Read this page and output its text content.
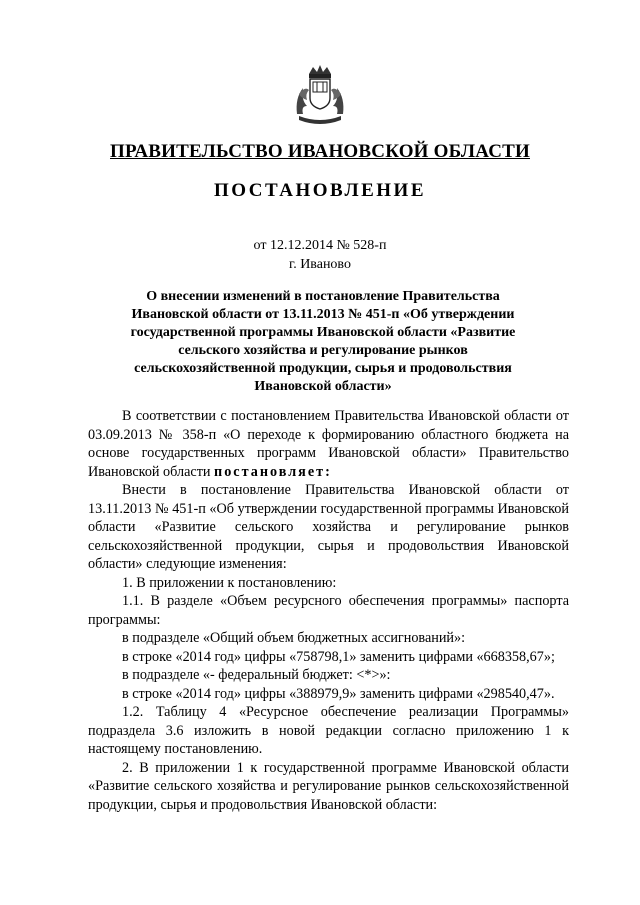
ПРАВИТЕЛЬСТВО ИВАНОВСКОЙ ОБЛАСТИ
ПОСТАНОВЛЕНИЕ
от 12.12.2014 № 528-п
г. Иваново
О внесении изменений в постановление Правительства Ивановской области от 13.11.2013 № 451-п «Об утверждении государственной программы Ивановской области «Развитие сельского хозяйства и регулирование рынков сельскохозяйственной продукции, сырья и продовольствия Ивановской области»

В соответствии с постановлением Правительства Ивановской области от 03.09.2013 № 358-п «О переходе к формированию областного бюджета на основе государственных программ Ивановской области» Правительство Ивановской области постановляет:

Внести в постановление Правительства Ивановской области от 13.11.2013 № 451-п «Об утверждении государственной программы Ивановской области «Развитие сельского хозяйства и регулирование рынков сельскохозяйственной продукции, сырья и продовольствия Ивановской области» следующие изменения:

1. В приложении к постановлению:

1.1. В разделе «Объем ресурсного обеспечения программы» паспорта программы:

в подразделе «Общий объем бюджетных ассигнований»:

в строке «2014 год» цифры «758798,1» заменить цифрами «668358,67»;

в подразделе «- федеральный бюджет: <*>»:

в строке «2014 год» цифры «388979,9» заменить цифрами «298540,47».

1.2. Таблицу 4 «Ресурсное обеспечение реализации Программы» подраздела 3.6 изложить в новой редакции согласно приложению 1 к настоящему постановлению.

2. В приложении 1 к государственной программе Ивановской области «Развитие сельского хозяйства и регулирование рынков сельскохозяйственной продукции, сырья и продовольствия Ивановской области:
